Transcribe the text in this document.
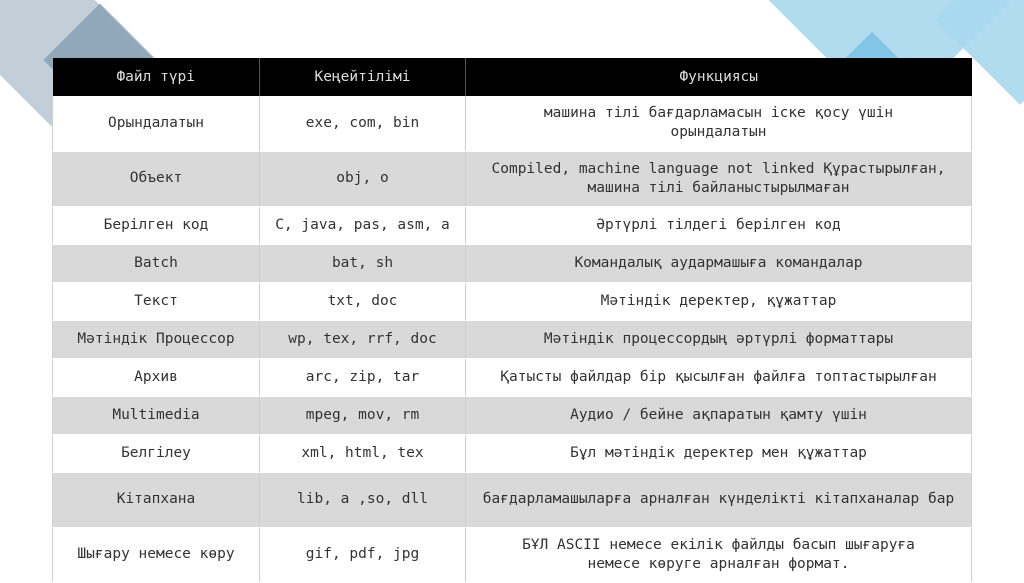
Файл түрі	Кеңейтілімі	Функциясы
Орындалатын	exe, com, bin	машина тілі бағдарламасын іске қосу үшін орындалатын
Объект	obj, o	Compiled, machine language not linked Құрастырылған, машина тілі байланыстырылмаған
Берілген код	C, java, pas, asm, a	Әртүрлі тілдегі берілген код
Batch	bat, sh	Командалық аудармашыға командалар
Текст	txt, doc	Мәтіндік деректер, құжаттар
Мәтіндік Процессор	wp, tex, rrf, doc	Мәтіндік процессордың әртүрлі форматтары
Архив	arc, zip, tar	Қатысты файлдар бір қысылған файлға топтастырылған
Multimedia	mpeg, mov, rm	Аудио / бейне ақпаратын қамту үшін
Белгілеу	xml, html, tex	Бұл мәтіндік деректер мен құжаттар
Кітапхана	lib, a ,so, dll	бағдарламашыларға арналған күнделікті кітапханалар бар
Шығару немесе көру	gif, pdf, jpg	БҰЛ ASCII немесе екілік файлды басып шығаруға немесе көруге арналған формат.
